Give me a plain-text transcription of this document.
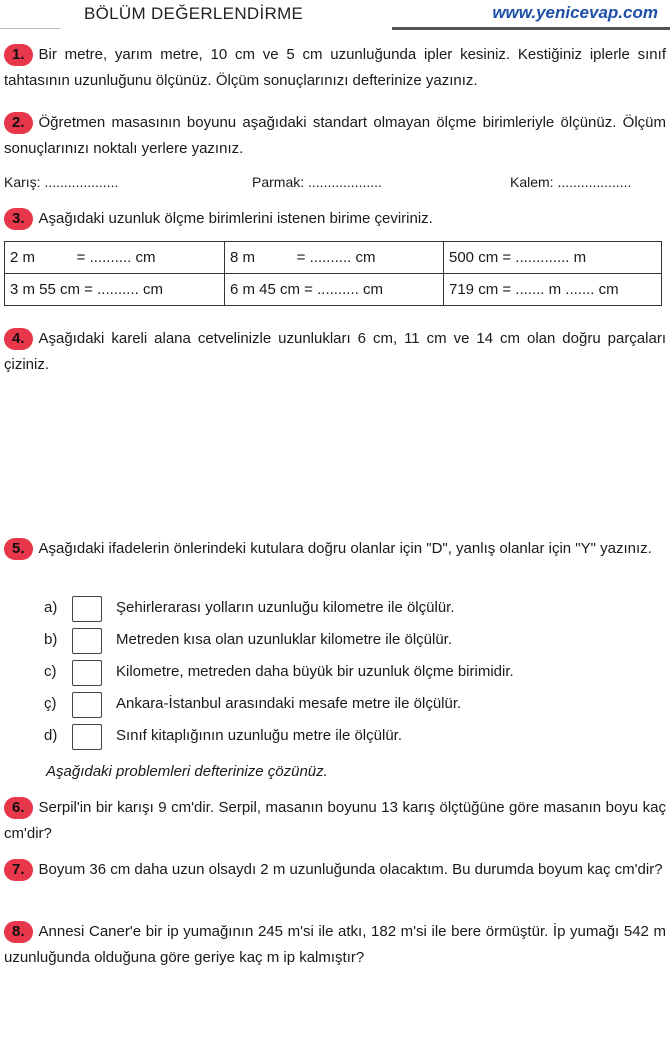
BÖLÜM DEĞERLENDİRME	www.yenicevap.com
1. Bir metre, yarım metre, 10 cm ve 5 cm uzunluğunda ipler kesiniz. Kestiğiniz iplerle sınıf tahtasının uzunluğunu ölçünüz. Ölçüm sonuçlarınızı defterinize yazınız.
2. Öğretmen masasının boyunu aşağıdaki standart olmayan ölçme birimleriyle ölçünüz. Ölçüm sonuçlarınızı noktalı yerlere yazınız.
Karış: ...................	Parmak: ...................	Kalem: ...................
3. Aşağıdaki uzunluk ölçme birimlerini istenen birime çeviriniz.
2 m          = .......... cm	8 m          = .......... cm	500 cm = ............. m
3 m 55 cm = .......... cm	6 m 45 cm = .......... cm	719 cm = ....... m ....... cm
4. Aşağıdaki kareli alana cetvelinizle uzunlukları 6 cm, 11 cm ve 14 cm olan doğru parçaları çiziniz.
5. Aşağıdaki ifadelerin önlerindeki kutulara doğru olanlar için "D", yanlış olanlar için "Y" yazınız.
a)	Şehirlerarası yolların uzunluğu kilometre ile ölçülür.
b)	Metreden kısa olan uzunluklar kilometre ile ölçülür.
c)	Kilometre, metreden daha büyük bir uzunluk ölçme birimidir.
ç)	Ankara-İstanbul arasındaki mesafe metre ile ölçülür.
d)	Sınıf kitaplığının uzunluğu metre ile ölçülür.
Aşağıdaki problemleri defterinize çözünüz.
6. Serpil'in bir karışı 9 cm'dir. Serpil, masanın boyunu 13 karış ölçtüğüne göre masanın boyu kaç cm'dir?
7. Boyum 36 cm daha uzun olsaydı 2 m uzunluğunda olacaktım. Bu durumda boyum kaç cm'dir?
8. Annesi Caner'e bir ip yumağının 245 m'si ile atkı, 182 m'si ile bere örmüştür. İp yumağı 542 m uzunluğunda olduğuna göre geriye kaç m ip kalmıştır?
